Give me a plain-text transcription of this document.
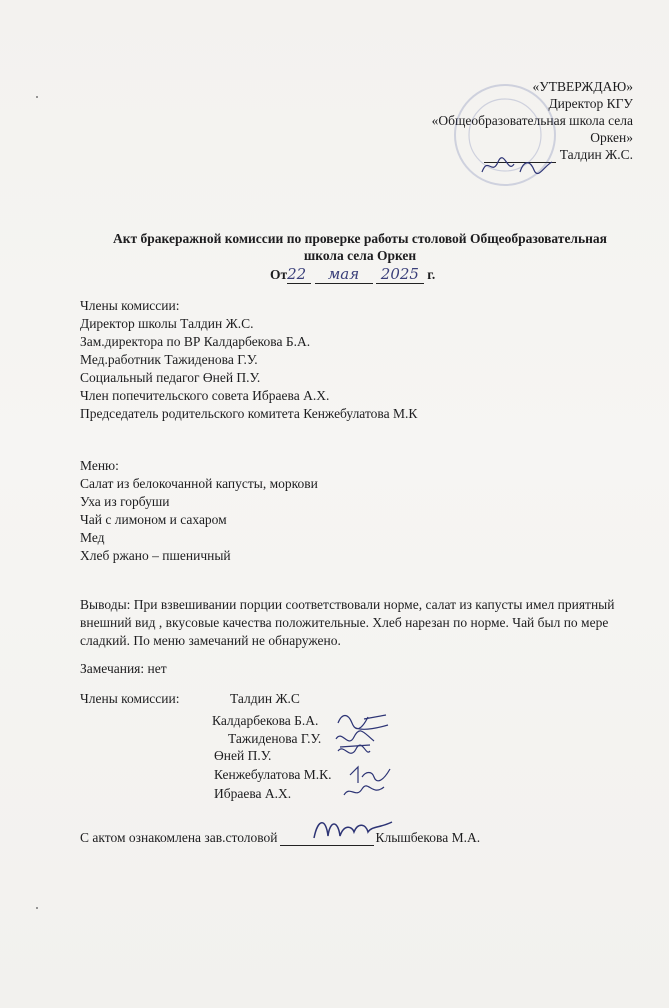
«УТВЕРЖДАЮ»
Директор КГУ
«Общеобразовательная школа села
Оркен»
Талдин Ж.С.
Акт бракеражной комиссии по проверке работы столовой Общеобразовательная
школа села Оркен
От22 мая 2025 г.
Члены комиссии:
Директор школы Талдин Ж.С.
Зам.директора по ВР Калдарбекова Б.А.
Мед.работник Тажиденова Г.У.
Социальный педагог Өней П.У.
Член попечительского совета Ибраева А.Х.
Председатель родительского комитета Кенжебулатова М.К
Меню:
Салат из белокочанной капусты, моркови
Уха из горбуши
Чай с лимоном и сахаром
Мед
Хлеб ржано – пшеничный
Выводы: При взвешивании порции соответствовали норме, салат из капусты имел приятный внешний вид , вкусовые качества положительные. Хлеб нарезан по норме. Чай был по мере сладкий. По меню замечаний не обнаружено.
Замечания: нет
Члены комиссии:	Талдин Ж.С
Калдарбекова Б.А.
Тажиденова Г.У.
Өней П.У.
Кенжебулатова М.К.
Ибраева А.Х.
С актом ознакомлена зав.столовой	Клышбекова М.А.
